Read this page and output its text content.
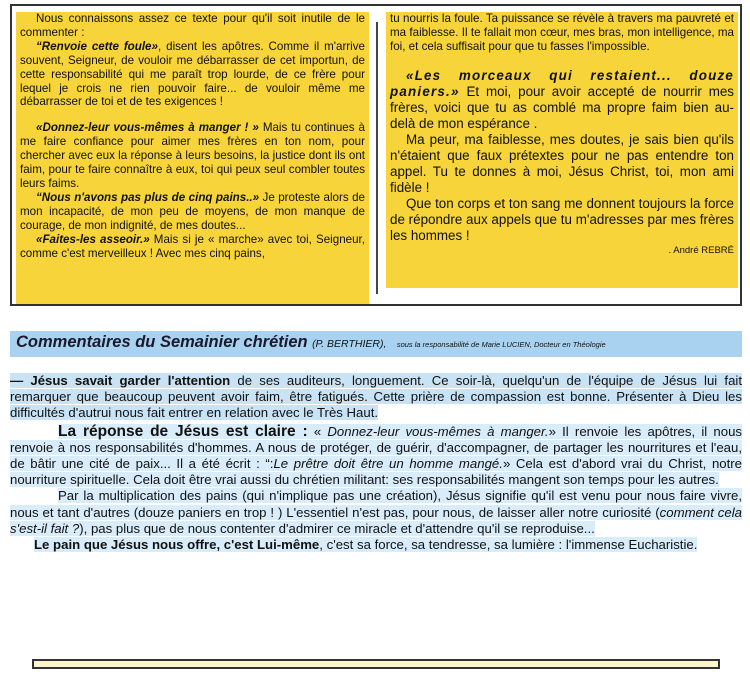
Nous connaissons assez ce texte pour qu'il soit inutile de le commenter :

“Renvoie cette foule», disent les apôtres. Comme il m'arrive souvent, Seigneur, de vouloir me débarrasser de cet importun, de cette responsabilité qui me paraît trop lourde, de ce frère pour lequel je crois ne rien pouvoir faire... de vouloir même me débarrasser de toi et de tes exigences !

«Donnez-leur vous-mêmes à manger ! » Mais tu continues à me faire confiance pour aimer mes frères en ton nom, pour chercher avec eux la réponse à leurs besoins, la justice dont ils ont faim, pour te faire connaître à eux, toi qui peux seul combler toutes leurs faims.

“Nous n'avons pas plus de cinq pains..» Je proteste alors de mon incapacité, de mon peu de moyens, de mon manque de courage, de mon indignité, de mes doutes...

«Faites-les asseoir.» Mais si je « marche» avec toi, Seigneur, comme c'est merveilleux ! Avec mes cinq pains,

tu nourris la foule. Ta puissance se révèle à travers ma pauvreté et ma faiblesse. Il te fallait mon cœur, mes bras, mon intelligence, ma foi, et cela suffisait pour que tu fasses l'impossible.

«Les morceaux qui restaient... douze paniers.» Et moi, pour avoir accepté de nourrir mes frères, voici que tu as comblé ma propre faim bien au-delà de mon espérance .

Ma peur, ma faiblesse, mes doutes, je sais bien qu'ils n'étaient que faux prétextes pour ne pas entendre ton appel. Tu te donnes à moi, Jésus Christ, toi, mon ami fidèle !

Que ton corps et ton sang me donnent toujours la force de répondre aux appels que tu m'adresses par mes frères les hommes !

. André REBRÉ

Commentaires du Semainier chrétien (P. BERTHIER), sous la responsabilité de Marie LUCIEN, Docteur en Théologie

— Jésus savait garder l'attention de ses auditeurs, longuement. Ce soir-là, quelqu'un de l'équipe de Jésus lui fait remarquer que beaucoup peuvent avoir faim, être fatigués. Cette prière de compassion est bonne. Présenter à Dieu les difficultés d'autrui nous fait entrer en relation avec le Très Haut.

La réponse de Jésus est claire : « Donnez-leur vous-mêmes à manger.» Il renvoie les apôtres, il nous renvoie à nos responsabilités d'hommes. A nous de protéger, de guérir, d'accompagner, de partager les nourritures et l'eau, de bâtir une cité de paix... Il a été écrit : “:Le prêtre doit être un homme mangé.» Cela est d'abord vrai du Christ, notre nourriture spirituelle. Cela doit être vrai aussi du chrétien militant: ses responsabilités mangent son temps pour les autres.

Par la multiplication des pains (qui n'implique pas une création), Jésus signifie qu'il est venu pour nous faire vivre, nous et tant d'autres (douze paniers en trop ! ) L'essentiel n'est pas, pour nous, de laisser aller notre curiosité (comment cela s'est-il fait ?), pas plus que de nous contenter d'admirer ce miracle et d'attendre qu'il se reproduise...

Le pain que Jésus nous offre, c'est Lui-même, c'est sa force, sa tendresse, sa lumière : l'immense Eucharistie.
